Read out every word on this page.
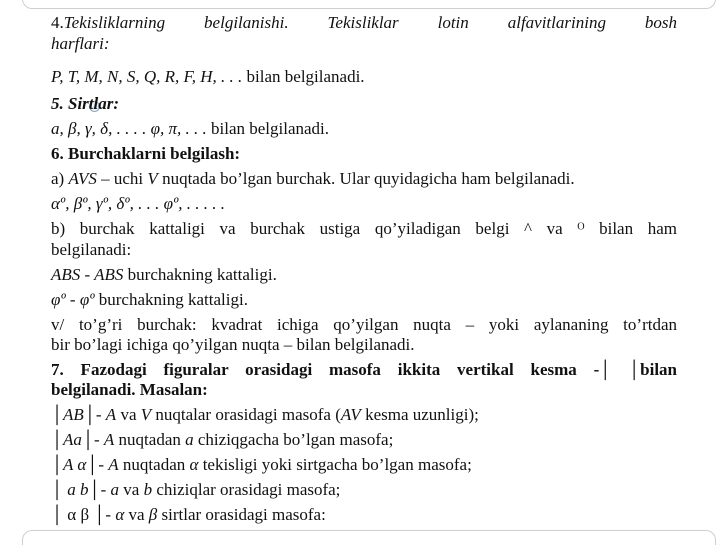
4.Tekisliklarning belgilanishi. Tekisliklar lotin alfavitlarining bosh
harflari:
P, T, M, N, S, Q, R, F, H, . . . bilan belgilanadi.
5. Sirtlar:
a, β, γ, δ, . . . . φ, π, . . . bilan belgilanadi.
6. Burchaklarni belgilash:
a) AVS – uchi V nuqtada bo’lgan burchak. Ular quyidagicha ham belgilanadi.
αº, βº, γº, δº, . . . φº, . . . . .
b) burchak kattaligi va burchak ustiga qo’yiladigan belgi ^ va ᴼ bilan ham
belgilanadi:
ABS - ABS burchakning kattaligi.
φº - φº burchakning kattaligi.
v/ to’g’ri burchak: kvadrat ichiga qo’yilgan nuqta – yoki aylananing to’rtdan
bir bo’lagi ichiga qo’yilgan nuqta – bilan belgilanadi.
7. Fazodagi figuralar orasidagi masofa ikkita vertikal kesma -│ │bilan
belgilanadi. Masalan:
│AB│- A va V nuqtalar orasidagi masofa (AV kesma uzunligi);
│Aa│- A nuqtadan a chiziqgacha bo’lgan masofa;
│A α│- A nuqtadan α tekisligi yoki sirtgacha bo’lgan masofa;
│ a b│- a va b chiziqlar orasidagi masofa;
│ α β │- α va β sirtlar orasidagi masofa:
